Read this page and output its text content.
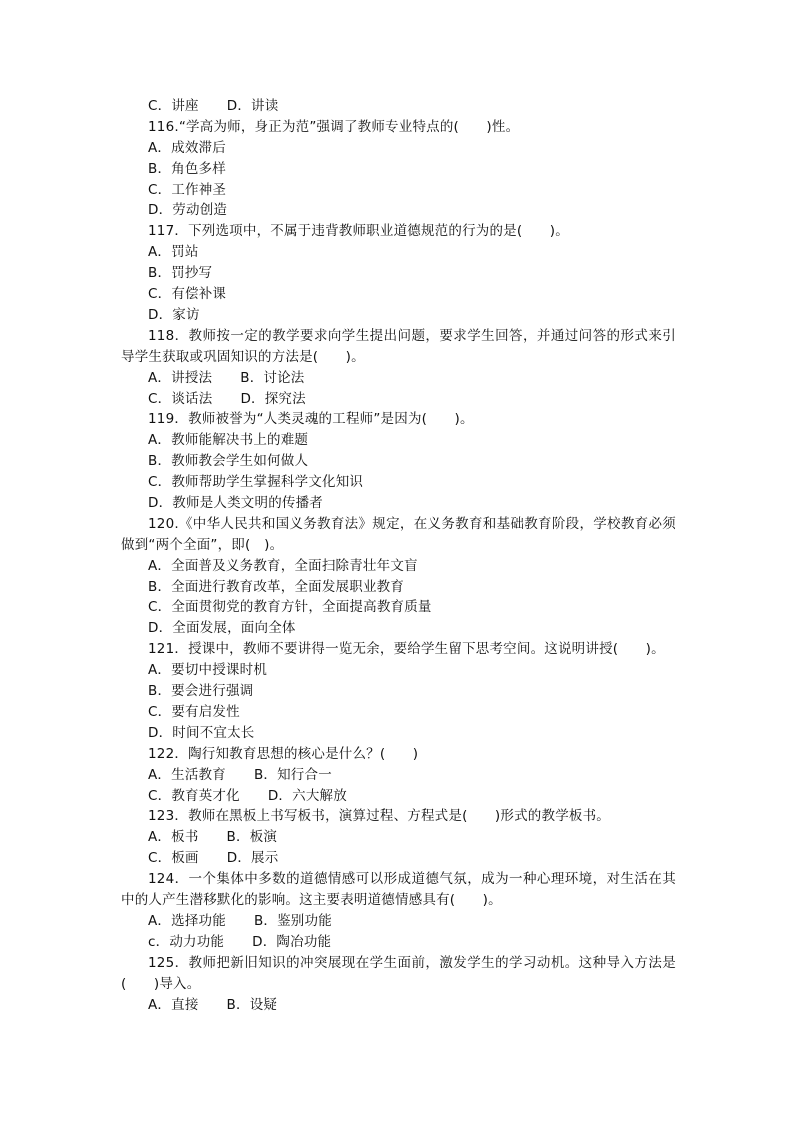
C．讲座 D．讲读
116.“学高为师，身正为范”强调了教师专业特点的(　　)性。
A．成效滞后
B．角色多样
C．工作神圣
D．劳动创造
117．下列选项中，不属于违背教师职业道德规范的行为的是(　　)。
A．罚站
B．罚抄写
C．有偿补课
D．家访
118．教师按一定的教学要求向学生提出问题，要求学生回答，并通过问答的形式来引导学生获取或巩固知识的方法是(　　)。
A．讲授法 B．讨论法
C．谈话法 D．探究法
119．教师被誉为“人类灵魂的工程师”是因为(　　)。
A．教师能解决书上的难题
B．教师教会学生如何做人
C．教师帮助学生掌握科学文化知识
D．教师是人类文明的传播者
120.《中华人民共和国义务教育法》规定，在义务教育和基础教育阶段，学校教育必须做到“两个全面”，即(　)。
A．全面普及义务教育，全面扫除青壮年文盲
B．全面进行教育改革，全面发展职业教育
C．全面贯彻党的教育方针，全面提高教育质量
D．全面发展，面向全体
121．授课中，教师不要讲得一览无余，要给学生留下思考空间。这说明讲授(　　)。
A．要切中授课时机
B．要会进行强调
C．要有启发性
D．时间不宜太长
122．陶行知教育思想的核心是什么？(　　)
A．生活教育 B．知行合一
C．教育英才化 D．六大解放
123．教师在黑板上书写板书，演算过程、方程式是(　　)形式的教学板书。
A．板书 B．板演
C．板画 D．展示
124．一个集体中多数的道德情感可以形成道德气氛，成为一种心理环境，对生活在其中的人产生潜移默化的影响。这主要表明道德情感具有(　　)。
A．选择功能 B．鉴别功能
c．动力功能 D．陶冶功能
125．教师把新旧知识的冲突展现在学生面前，激发学生的学习动机。这种导入方法是(　　)导入。
A．直接 B．设疑
